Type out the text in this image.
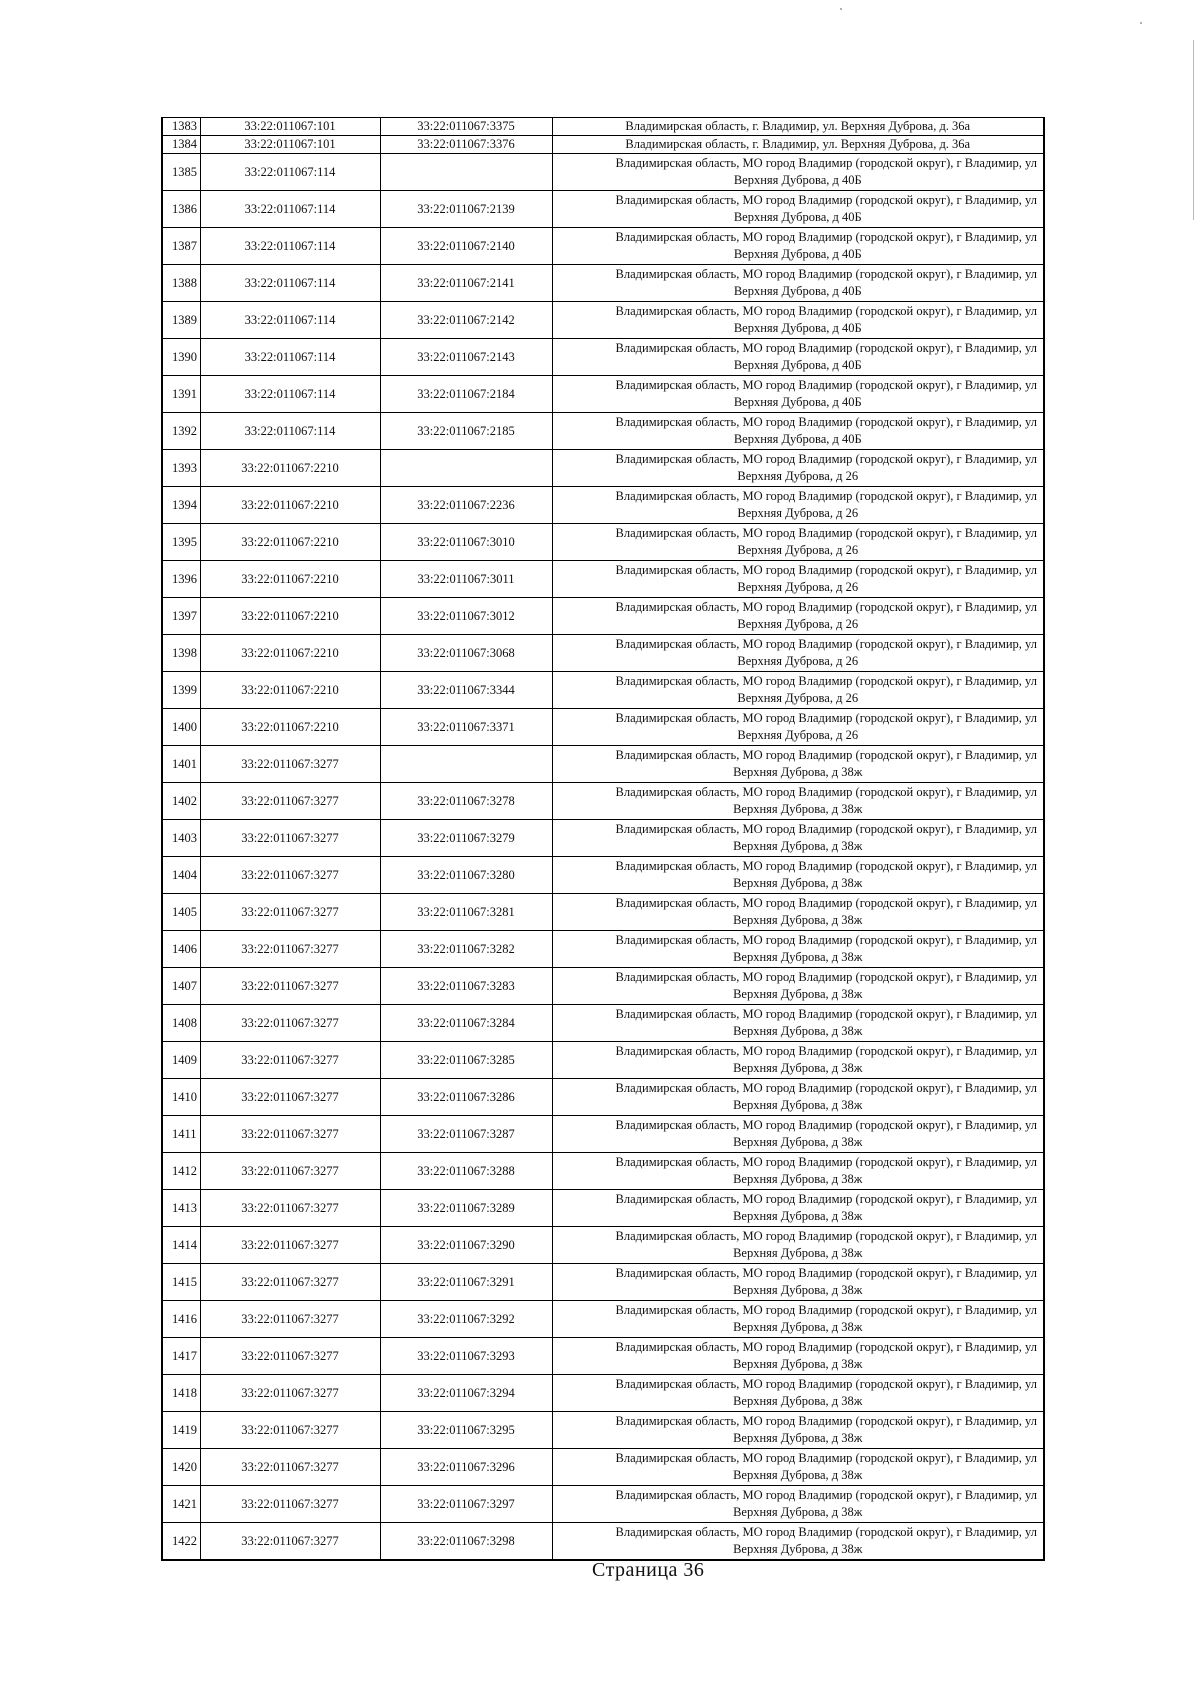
1383	33:22:011067:101	33:22:011067:3375	Владимирская область, г. Владимир, ул. Верхняя Дуброва, д. 36а

1384	33:22:011067:101	33:22:011067:3376	Владимирская область, г. Владимир, ул. Верхняя Дуброва, д. 36а

1385	33:22:011067:114		Владимирская область, МО город Владимир (городской округ), г Владимир, ул
Верхняя Дуброва, д 40Б

1386	33:22:011067:114	33:22:011067:2139	Владимирская область, МО город Владимир (городской округ), г Владимир, ул
Верхняя Дуброва, д 40Б

1387	33:22:011067:114	33:22:011067:2140	Владимирская область, МО город Владимир (городской округ), г Владимир, ул
Верхняя Дуброва, д 40Б

1388	33:22:011067:114	33:22:011067:2141	Владимирская область, МО город Владимир (городской округ), г Владимир, ул
Верхняя Дуброва, д 40Б

1389	33:22:011067:114	33:22:011067:2142	Владимирская область, МО город Владимир (городской округ), г Владимир, ул
Верхняя Дуброва, д 40Б

1390	33:22:011067:114	33:22:011067:2143	Владимирская область, МО город Владимир (городской округ), г Владимир, ул
Верхняя Дуброва, д 40Б

1391	33:22:011067:114	33:22:011067:2184	Владимирская область, МО город Владимир (городской округ), г Владимир, ул
Верхняя Дуброва, д 40Б

1392	33:22:011067:114	33:22:011067:2185	Владимирская область, МО город Владимир (городской округ), г Владимир, ул
Верхняя Дуброва, д 40Б

1393	33:22:011067:2210		Владимирская область, МО город Владимир (городской округ), г Владимир, ул
Верхняя Дуброва, д 26

1394	33:22:011067:2210	33:22:011067:2236	Владимирская область, МО город Владимир (городской округ), г Владимир, ул
Верхняя Дуброва, д 26

1395	33:22:011067:2210	33:22:011067:3010	Владимирская область, МО город Владимир (городской округ), г Владимир, ул
Верхняя Дуброва, д 26

1396	33:22:011067:2210	33:22:011067:3011	Владимирская область, МО город Владимир (городской округ), г Владимир, ул
Верхняя Дуброва, д 26

1397	33:22:011067:2210	33:22:011067:3012	Владимирская область, МО город Владимир (городской округ), г Владимир, ул
Верхняя Дуброва, д 26

1398	33:22:011067:2210	33:22:011067:3068	Владимирская область, МО город Владимир (городской округ), г Владимир, ул
Верхняя Дуброва, д 26

1399	33:22:011067:2210	33:22:011067:3344	Владимирская область, МО город Владимир (городской округ), г Владимир, ул
Верхняя Дуброва, д 26

1400	33:22:011067:2210	33:22:011067:3371	Владимирская область, МО город Владимир (городской округ), г Владимир, ул
Верхняя Дуброва, д 26

1401	33:22:011067:3277		Владимирская область, МО город Владимир (городской округ), г Владимир, ул
Верхняя Дуброва, д 38ж

1402	33:22:011067:3277	33:22:011067:3278	Владимирская область, МО город Владимир (городской округ), г Владимир, ул
Верхняя Дуброва, д 38ж

1403	33:22:011067:3277	33:22:011067:3279	Владимирская область, МО город Владимир (городской округ), г Владимир, ул
Верхняя Дуброва, д 38ж

1404	33:22:011067:3277	33:22:011067:3280	Владимирская область, МО город Владимир (городской округ), г Владимир, ул
Верхняя Дуброва, д 38ж

1405	33:22:011067:3277	33:22:011067:3281	Владимирская область, МО город Владимир (городской округ), г Владимир, ул
Верхняя Дуброва, д 38ж

1406	33:22:011067:3277	33:22:011067:3282	Владимирская область, МО город Владимир (городской округ), г Владимир, ул
Верхняя Дуброва, д 38ж

1407	33:22:011067:3277	33:22:011067:3283	Владимирская область, МО город Владимир (городской округ), г Владимир, ул
Верхняя Дуброва, д 38ж

1408	33:22:011067:3277	33:22:011067:3284	Владимирская область, МО город Владимир (городской округ), г Владимир, ул
Верхняя Дуброва, д 38ж

1409	33:22:011067:3277	33:22:011067:3285	Владимирская область, МО город Владимир (городской округ), г Владимир, ул
Верхняя Дуброва, д 38ж

1410	33:22:011067:3277	33:22:011067:3286	Владимирская область, МО город Владимир (городской округ), г Владимир, ул
Верхняя Дуброва, д 38ж

1411	33:22:011067:3277	33:22:011067:3287	Владимирская область, МО город Владимир (городской округ), г Владимир, ул
Верхняя Дуброва, д 38ж

1412	33:22:011067:3277	33:22:011067:3288	Владимирская область, МО город Владимир (городской округ), г Владимир, ул
Верхняя Дуброва, д 38ж

1413	33:22:011067:3277	33:22:011067:3289	Владимирская область, МО город Владимир (городской округ), г Владимир, ул
Верхняя Дуброва, д 38ж

1414	33:22:011067:3277	33:22:011067:3290	Владимирская область, МО город Владимир (городской округ), г Владимир, ул
Верхняя Дуброва, д 38ж

1415	33:22:011067:3277	33:22:011067:3291	Владимирская область, МО город Владимир (городской округ), г Владимир, ул
Верхняя Дуброва, д 38ж

1416	33:22:011067:3277	33:22:011067:3292	Владимирская область, МО город Владимир (городской округ), г Владимир, ул
Верхняя Дуброва, д 38ж

1417	33:22:011067:3277	33:22:011067:3293	Владимирская область, МО город Владимир (городской округ), г Владимир, ул
Верхняя Дуброва, д 38ж

1418	33:22:011067:3277	33:22:011067:3294	Владимирская область, МО город Владимир (городской округ), г Владимир, ул
Верхняя Дуброва, д 38ж

1419	33:22:011067:3277	33:22:011067:3295	Владимирская область, МО город Владимир (городской округ), г Владимир, ул
Верхняя Дуброва, д 38ж

1420	33:22:011067:3277	33:22:011067:3296	Владимирская область, МО город Владимир (городской округ), г Владимир, ул
Верхняя Дуброва, д 38ж

1421	33:22:011067:3277	33:22:011067:3297	Владимирская область, МО город Владимир (городской округ), г Владимир, ул
Верхняя Дуброва, д 38ж

1422	33:22:011067:3277	33:22:011067:3298	Владимирская область, МО город Владимир (городской округ), г Владимир, ул
Верхняя Дуброва, д 38ж
Страница 36
